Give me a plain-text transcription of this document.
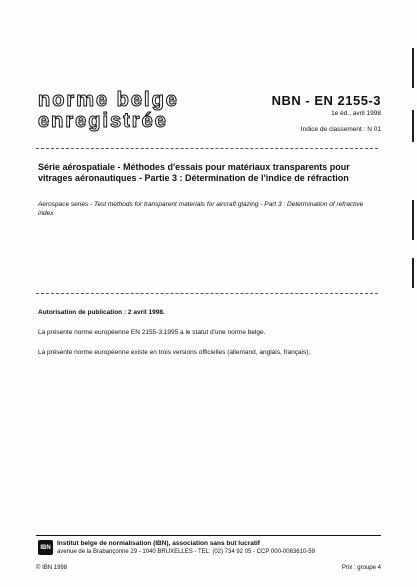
norme belge
enregistrée
NBN - EN 2155-3
1e éd., avril 1998
Indice de classement : N 01
Série aérospatiale - Méthodes d'essais pour matériaux transparents pour vitrages aéronautiques - Partie 3 : Détermination de l'indice de réfraction
Aerospace series - Test methods for transparent materials for aircraft glazing - Part 3 : Determination of refractive index
Autorisation de publication : 2 avril 1998.
La présente norme européenne EN 2155-3:1995 a le statut d'une norme belge.
La présente norme européenne existe en trois versions officielles (allemand, anglais, français).
IBN
Institut belge de normalisation (IBN), association sans but lucratif
avenue de la Brabançonne 29 - 1040 BRUXELLES - TEL: (02) 734 92 05 - CCP 000-0063610-59
© IBN 1998	Prix : groupe 4
